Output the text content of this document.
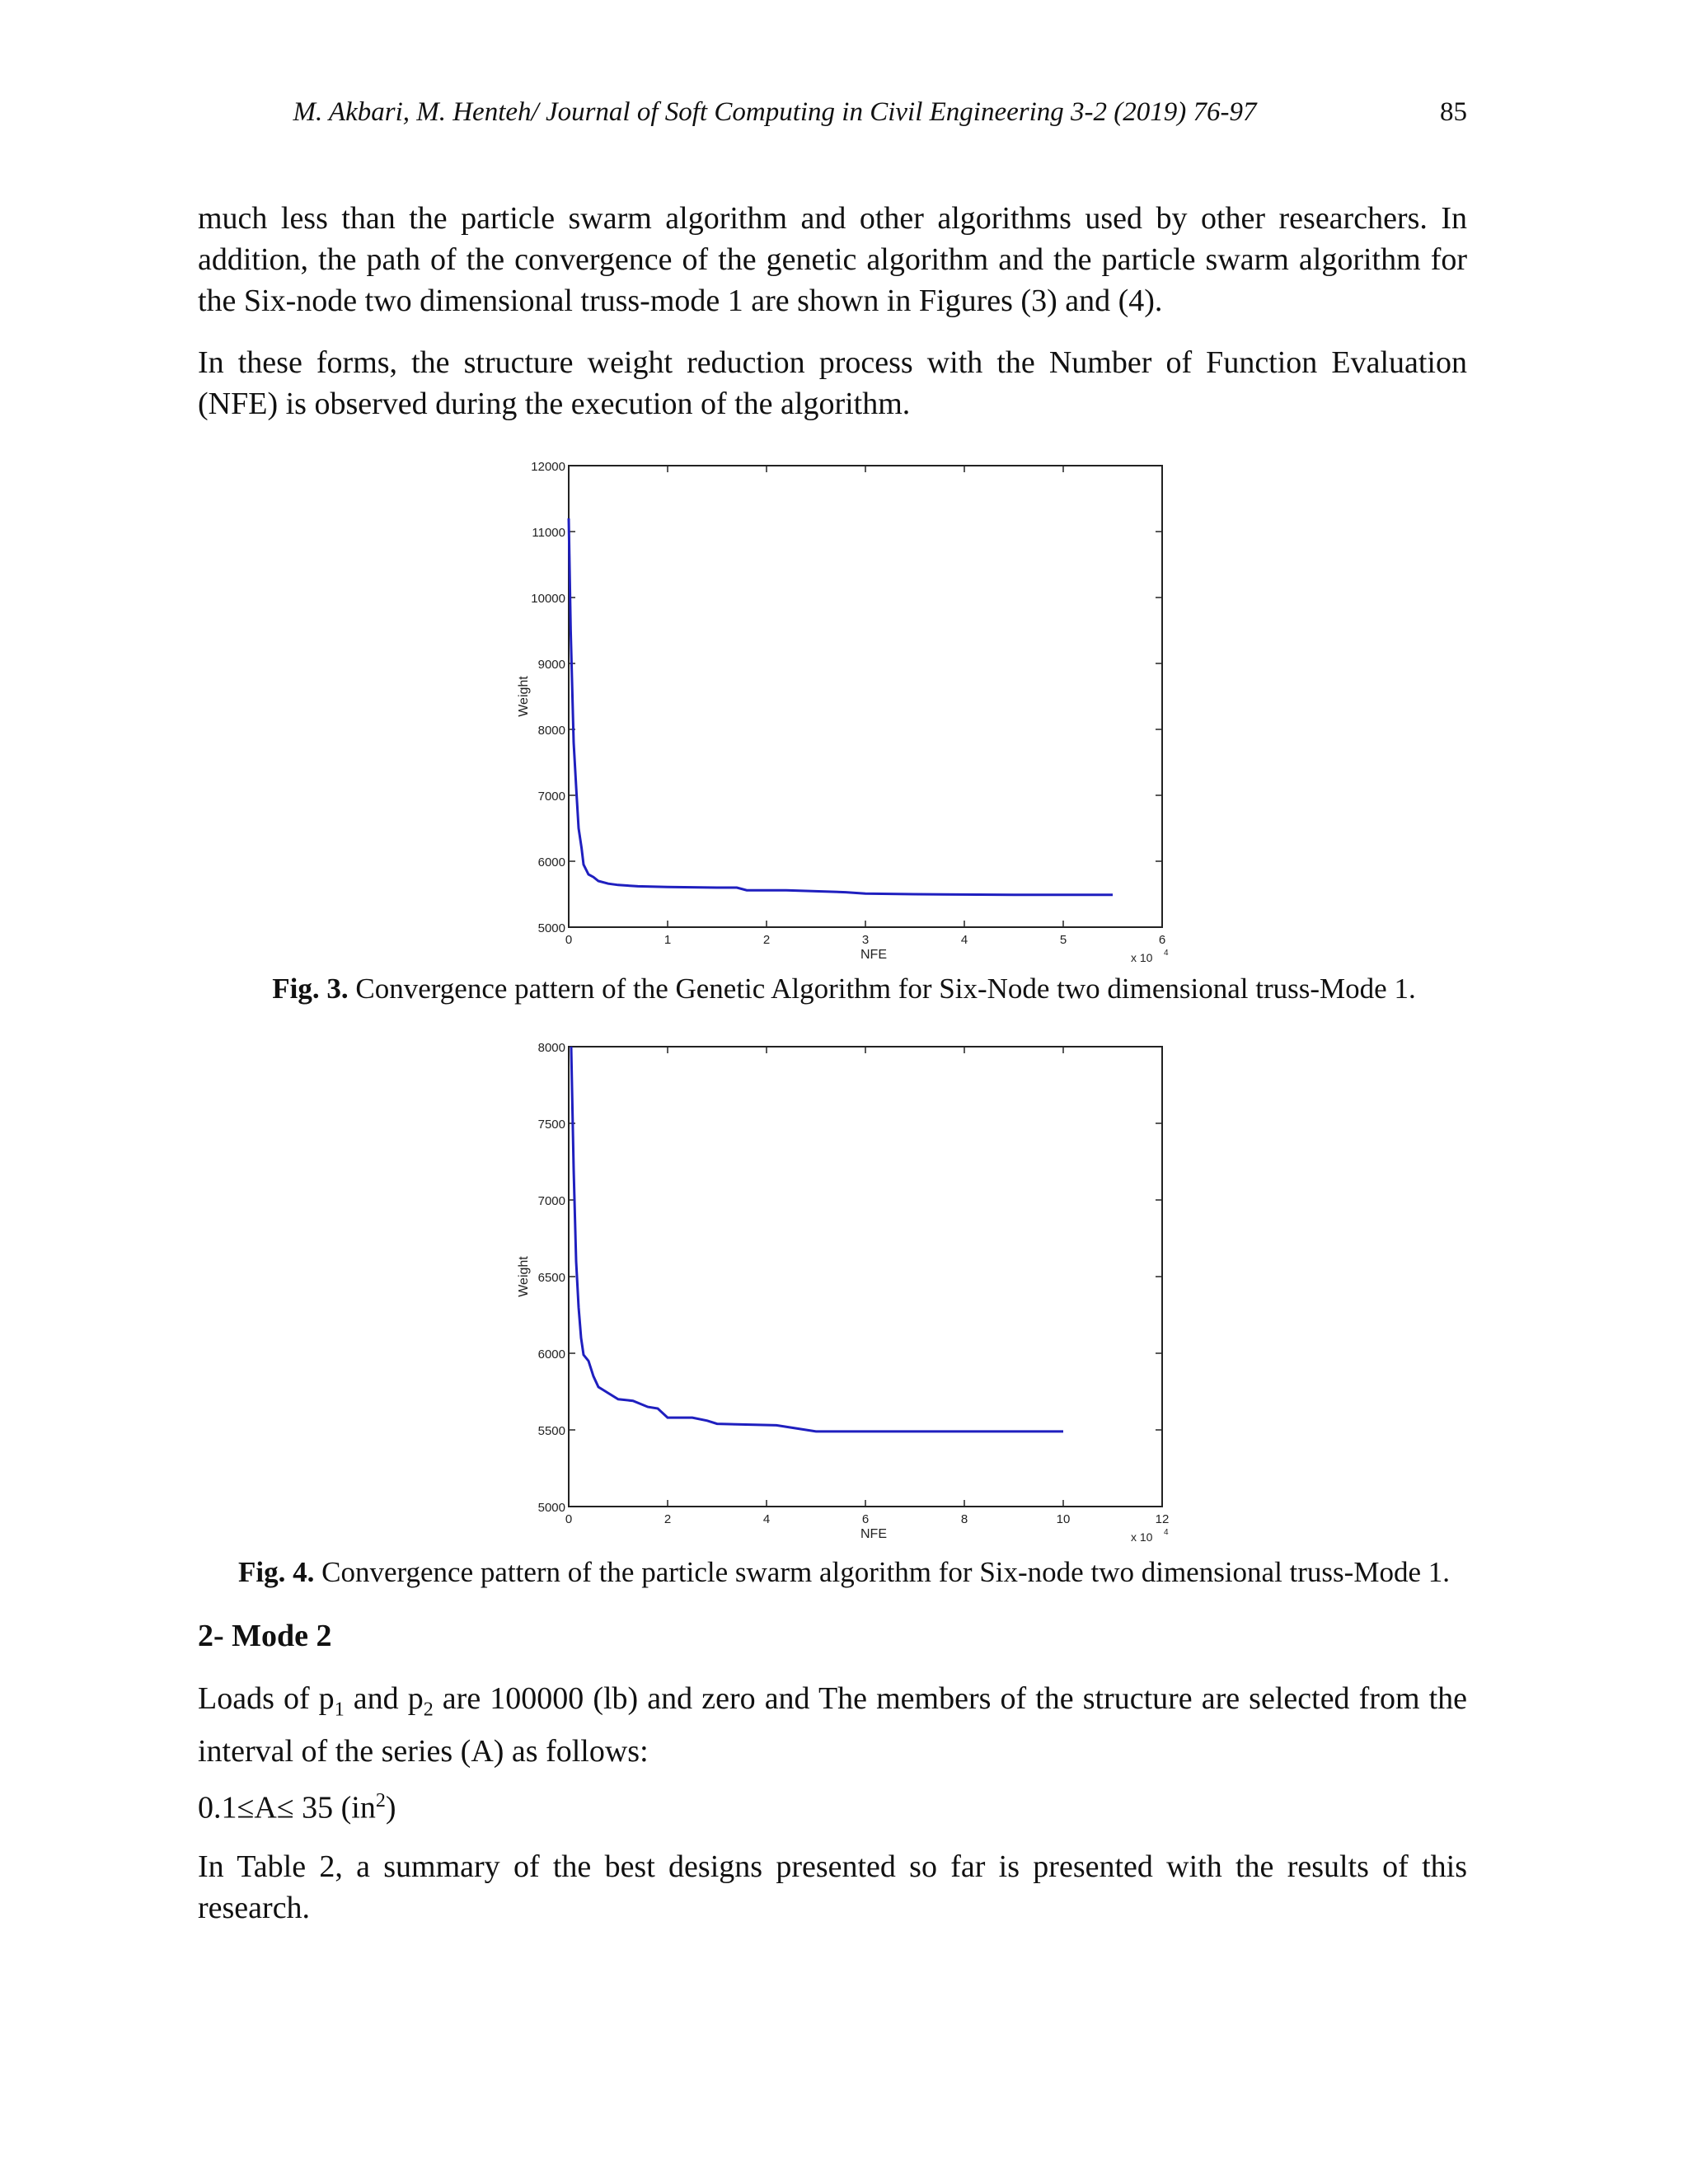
M. Akbari, M. Henteh/ Journal of Soft Computing in Civil Engineering 3-2 (2019) 76-97	85

much less than the particle swarm algorithm and other algorithms used by other researchers. In addition, the path of the convergence of the genetic algorithm and the particle swarm algorithm for the Six-node two dimensional truss-mode 1 are shown in Figures (3) and (4).

In these forms, the structure weight reduction process with the Number of Function Evaluation (NFE) is observed during the execution of the algorithm.

5000
6000
7000
8000
9000
10000
11000
12000
0	1	2	3	4	5	6
NFE
Weight
x 10 4

Fig. 3. Convergence pattern of the Genetic Algorithm for Six-Node two dimensional truss-Mode 1.

5000
5500
6000
6500
7000
7500
8000
0	2	4	6	8	10	12
NFE
Weight
x 10 4

Fig. 4. Convergence pattern of the particle swarm algorithm for Six-node two dimensional truss-Mode 1.

2- Mode 2

Loads of $p_1$ and $p_2$ are 100000 (lb) and zero and The members of the structure are selected from the interval of the series (A) as follows:

0.1≤A≤ 35 $(in^2)$

In Table 2, a summary of the best designs presented so far is presented with the results of this research.
